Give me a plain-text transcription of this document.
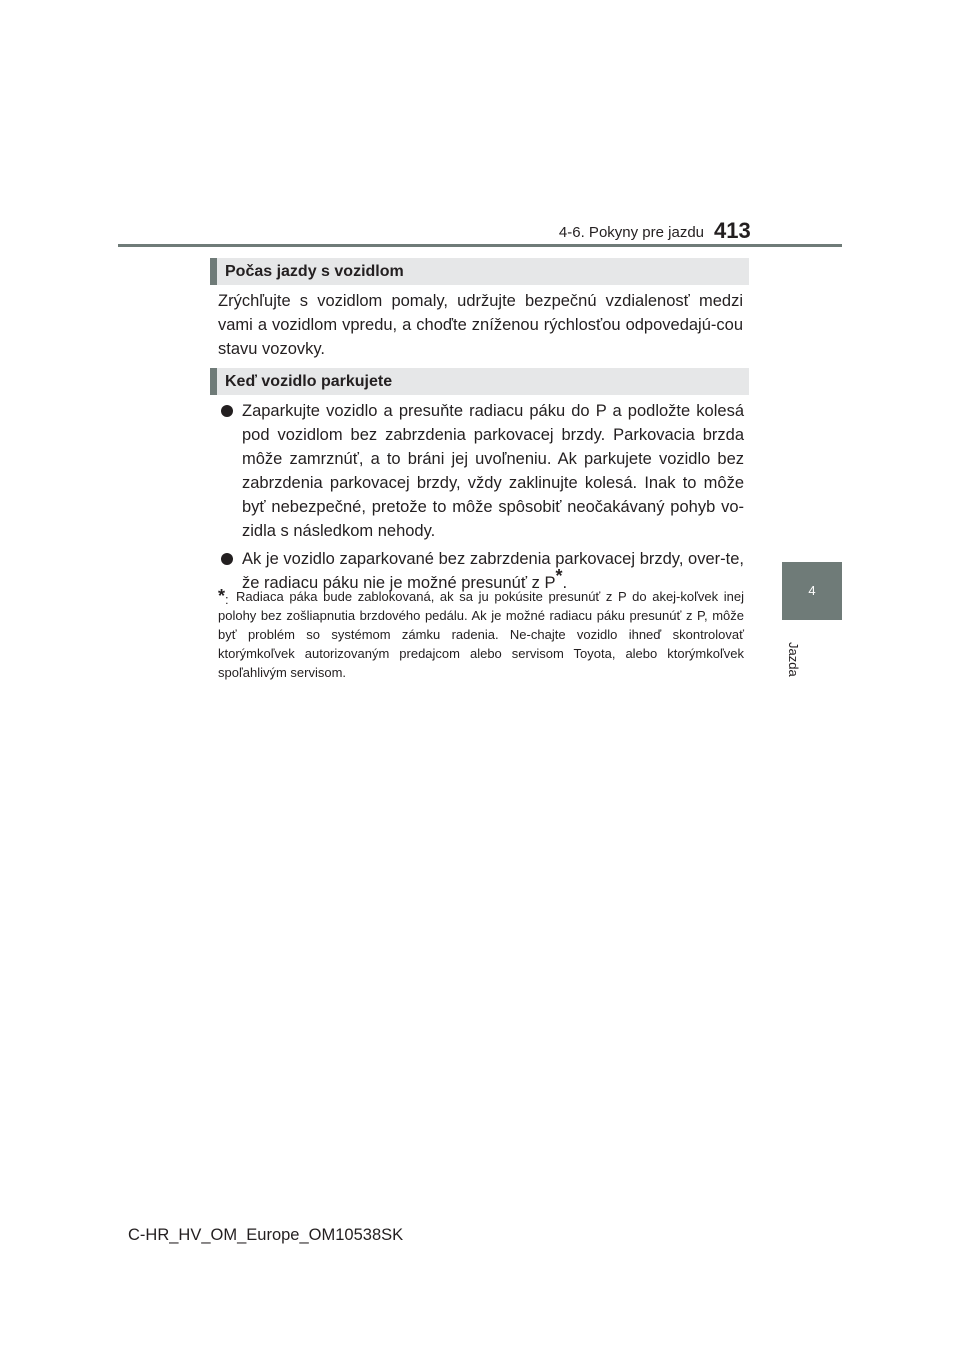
4-6. Pokyny pre jazdu 413
4
Jazda
Počas jazdy s vozidlom
Zrýchľujte s vozidlom pomaly, udržujte bezpečnú vzdialenosť medzi vami a vozidlom vpredu, a choďte zníženou rýchlosťou odpovedajú-cou stavu vozovky.
Keď vozidlo parkujete
Zaparkujte vozidlo a presuňte radiacu páku do P a podložte kolesá pod vozidlom bez zabrzdenia parkovacej brzdy. Parkovacia brzda môže zamrznúť, a to bráni jej uvoľneniu. Ak parkujete vozidlo bez zabrzdenia parkovacej brzdy, vždy zaklinujte kolesá. Inak to môže byť nebezpečné, pretože to môže spôsobiť neočakávaný pohyb vo-zidla s následkom nehody.
Ak je vozidlo zaparkované bez zabrzdenia parkovacej brzdy, over-te, že radiacu páku nie je možné presunúť z P*.
*: Radiaca páka bude zablokovaná, ak sa ju pokúsite presunúť z P do akej-koľvek inej polohy bez zošliapnutia brzdového pedálu. Ak je možné radiacu páku presunúť z P, môže byť problém so systémom zámku radenia. Ne-chajte vozidlo ihneď skontrolovať ktorýmkoľvek autorizovaným predajcom alebo servisom Toyota, alebo ktorýmkoľvek spoľahlivým servisom.
C-HR_HV_OM_Europe_OM10538SK
